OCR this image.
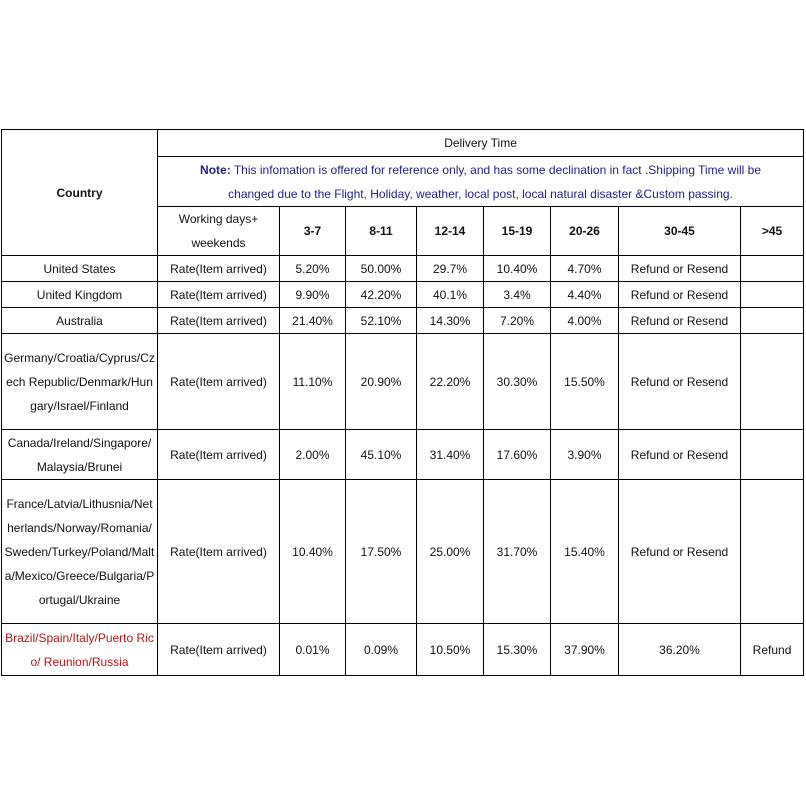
Country	Delivery Time							

	Note: This infomation is offered for reference only, and has some declination in fact .Shipping Time will be
changed due to the Flight, Holiday, weather, local post, local natural disaster &Custom passing.							

	Working days+ weekends	3-7	8-11	12-14	15-19	20-26	30-45	>45
United States	Rate(Item arrived)	5.20%	50.00%	29.7%	10.40%	4.70%	Refund or Resend	
United Kingdom	Rate(Item arrived)	9.90%	42.20%	40.1%	3.4%	4.40%	Refund or Resend	
Australia	Rate(Item arrived)	21.40%	52.10%	14.30%	7.20%	4.00%	Refund or Resend	
Germany/Croatia/Cyprus/Czech Republic/Denmark/Hungary/Israel/Finland	Rate(Item arrived)	11.10%	20.90%	22.20%	30.30%	15.50%	Refund or Resend	
Canada/Ireland/Singapore/Malaysia/Brunei	Rate(Item arrived)	2.00%	45.10%	31.40%	17.60%	3.90%	Refund or Resend	
France/Latvia/Lithusnia/Netherlands/Norway/Romania/Sweden/Turkey/Poland/Malta/Mexico/Greece/Bulgaria/Portugal/Ukraine	Rate(Item arrived)	10.40%	17.50%	25.00%	31.70%	15.40%	Refund or Resend	
Brazil/Spain/Italy/Puerto Rico/ Reunion/Russia	Rate(Item arrived)	0.01%	0.09%	10.50%	15.30%	37.90%	36.20%	Refund
